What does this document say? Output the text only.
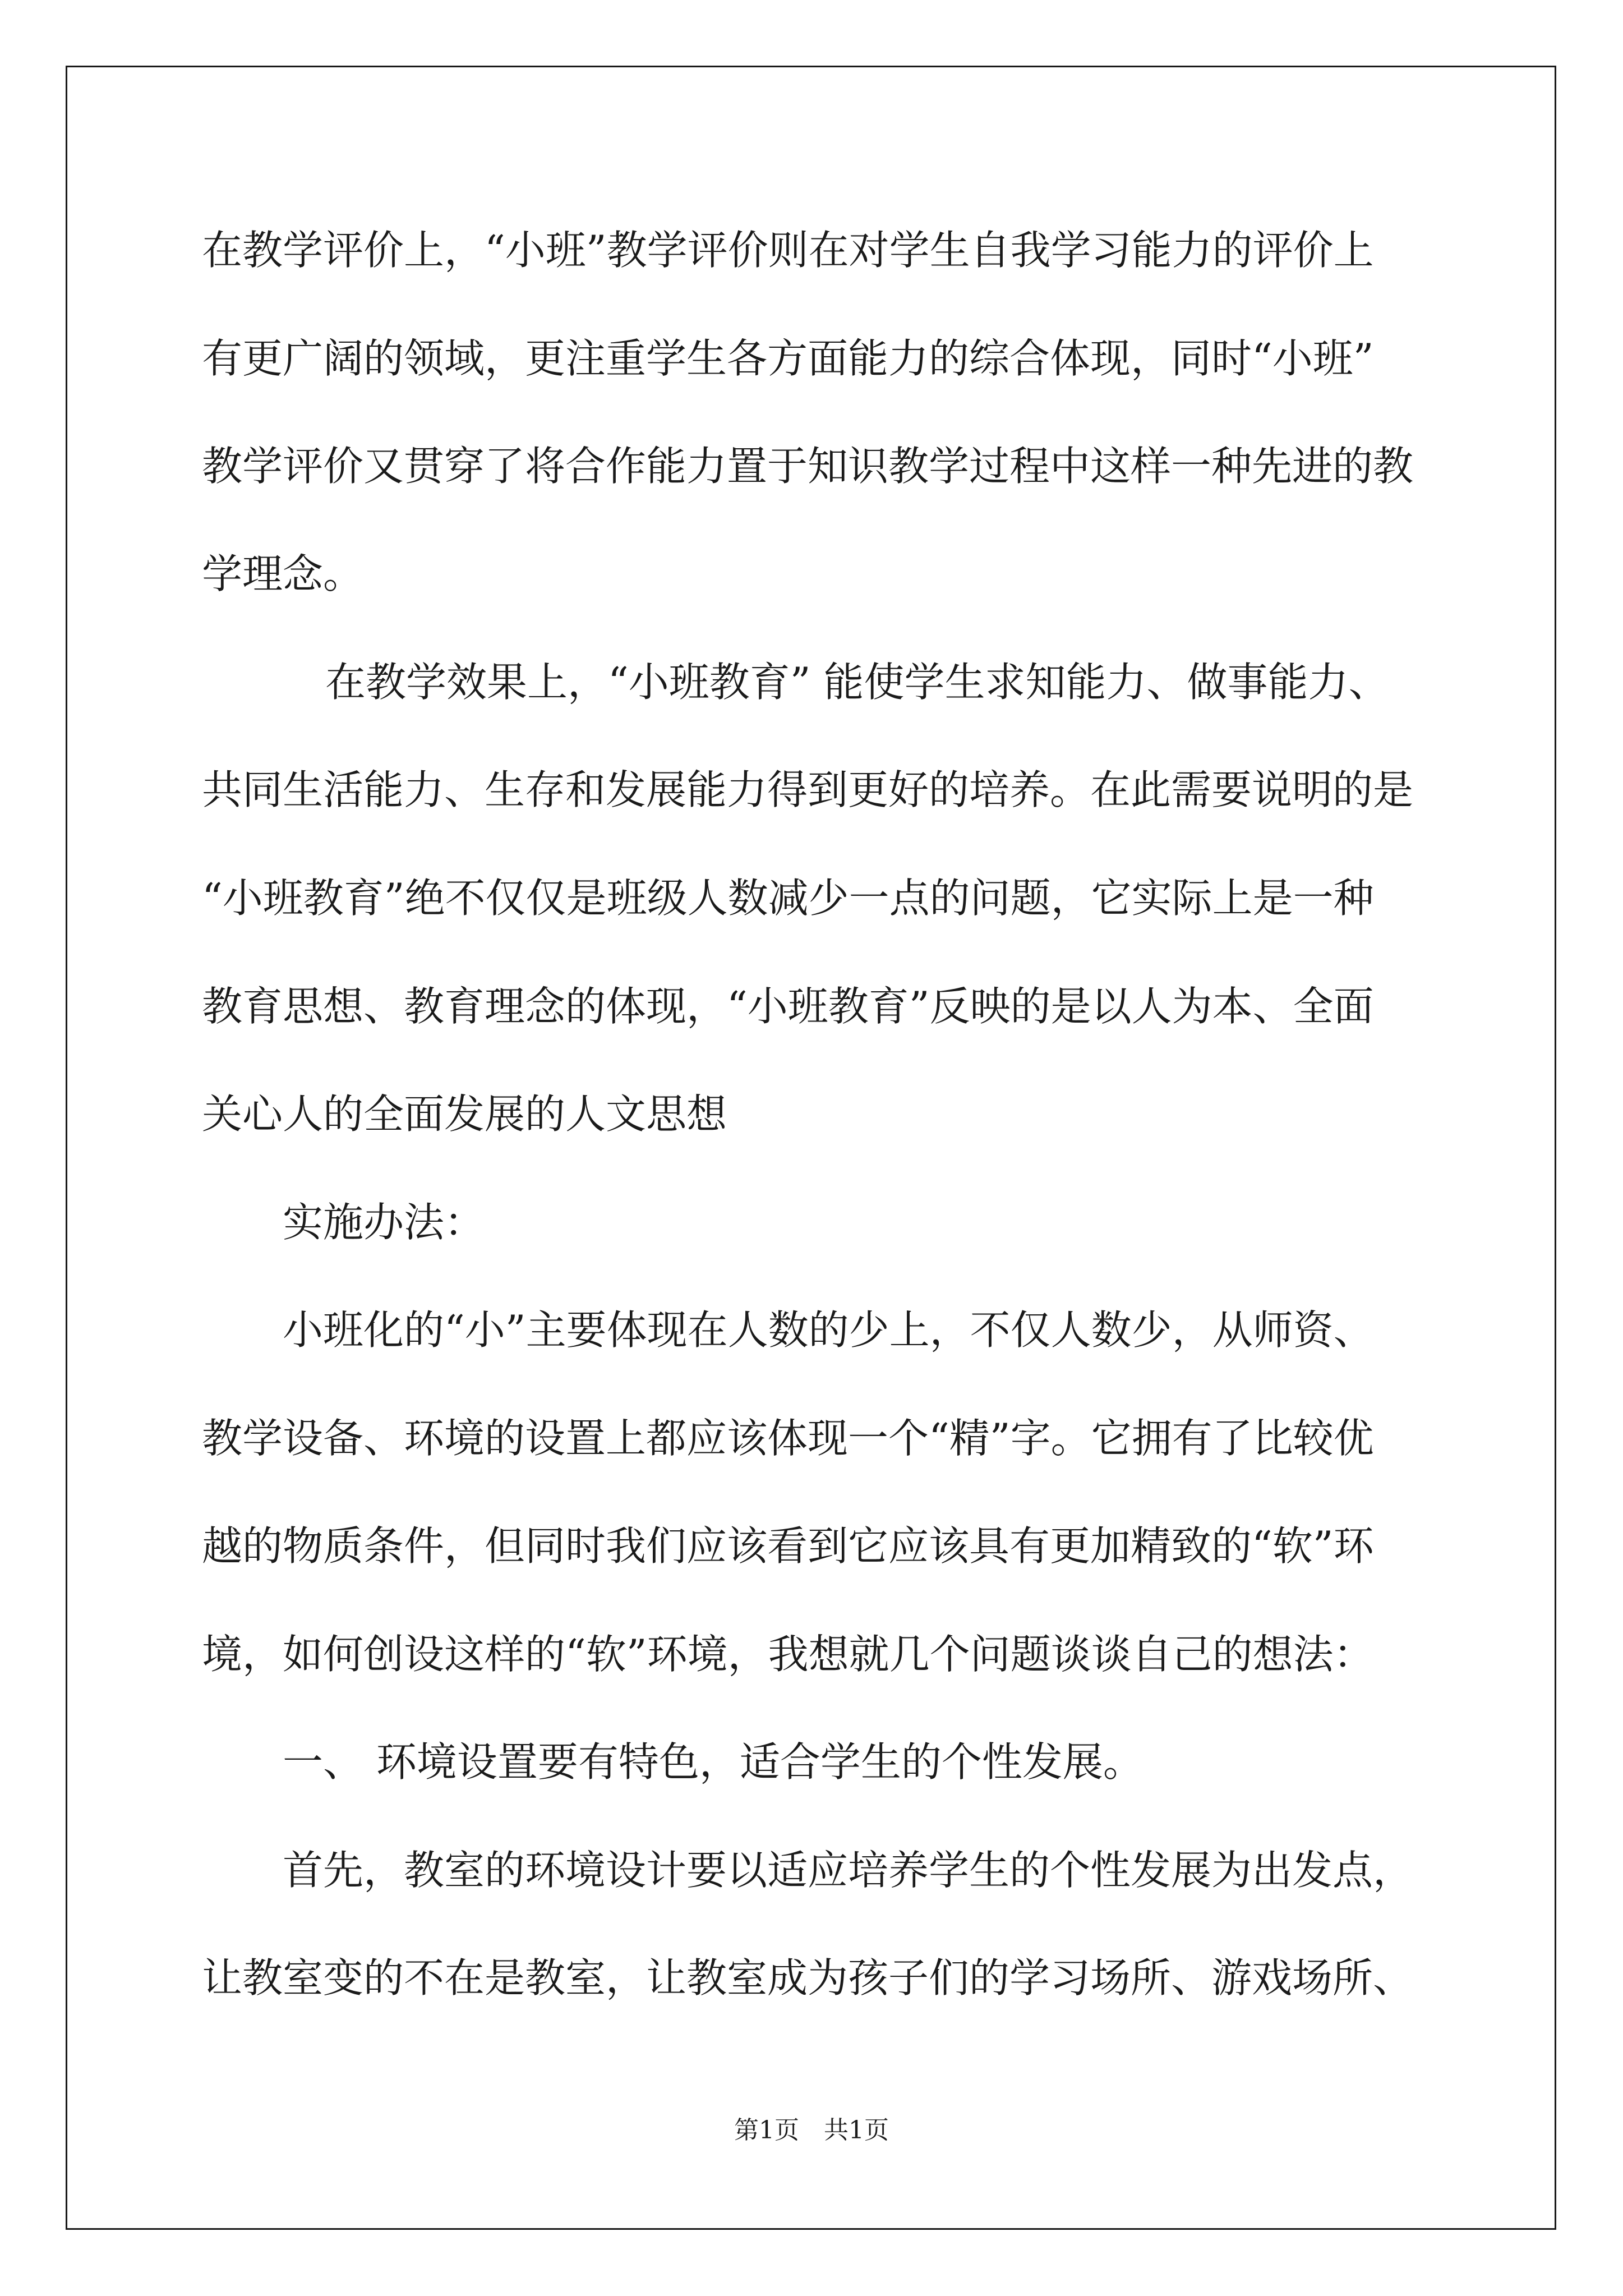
在教学评价上，“小班”教学评价则在对学生自我学习能力的评价上
有更广阔的领域，更注重学生各方面能力的综合体现，同时“小班”
教学评价又贯穿了将合作能力置于知识教学过程中这样一种先进的教
学理念。
在教学效果上，“小班教育” 能使学生求知能力、做事能力、
共同生活能力、生存和发展能力得到更好的培养。在此需要说明的是
“小班教育”绝不仅仅是班级人数减少一点的问题，它实际上是一种
教育思想、教育理念的体现，“小班教育”反映的是以人为本、全面
关心人的全面发展的人文思想
实施办法：
小班化的“小”主要体现在人数的少上，不仅人数少，从师资、
教学设备、环境的设置上都应该体现一个“精”字。它拥有了比较优
越的物质条件，但同时我们应该看到它应该具有更加精致的“软”环
境，如何创设这样的“软”环境，我想就几个问题谈谈自己的想法：
一、 环境设置要有特色，适合学生的个性发展。
首先，教室的环境设计要以适应培养学生的个性发展为出发点，
让教室变的不在是教室，让教室成为孩子们的学习场所、游戏场所、
第1页　共1页
